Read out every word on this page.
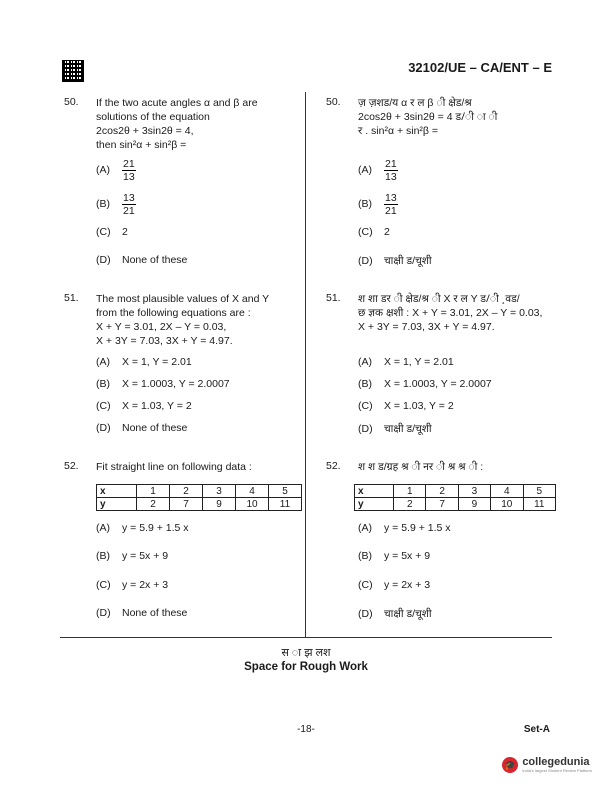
32102/UE – CA/ENT – E
50. If the two acute angles α and β are
solutions of the equation
2cos2θ + 3sin2θ = 4,
then sin²α + sin²β =
$(A) \frac{21}{13}$
$(B) \frac{13}{21}$
(C) 2
(D) None of these
51. The most plausible values of X and Y
from the following equations are :
X + Y = 3.01, 2X – Y = 0.03,
X + 3Y = 7.03, 3X + Y = 4.97.
(A) X = 1, Y = 2.01
(B) X = 1.0003, Y = 2.0007
(C) X = 1.03, Y = 2
(D) None of these
52. Fit straight line on following data :
x	1	2	3	4	5
y	2	7	9	10	11
(A) y = 5.9 + 1.5 x
(B) y = 5x + 9
(C) y = 2x + 3
(D) None of these
50. ज़ ज़शड/य α र ल β ी क्षेड/श्र
2cos2θ + 3sin2θ = 4 ड/ी ा ी
र . sin²α + sin²β =
$(A) \frac{21}{13}$
$(B) \frac{13}{21}$
(C) 2
(D) चाक्षी ड/चूशी
51. श शा डर ी क्षेड/श्र ी X र ल Y ड/ी ¸वड/
छ ज्ञक क्षशी : X + Y = 3.01, 2X – Y = 0.03,
X + 3Y = 7.03, 3X + Y = 4.97.
(A) X = 1, Y = 2.01
(B) X = 1.0003, Y = 2.0007
(C) X = 1.03, Y = 2
(D) चाक्षी ड/चूशी
52. श श ड/ग्रह श्र ी नर ी श्र श्र ी :
x	1	2	3	4	5
y	2	7	9	10	11
(A) y = 5.9 + 1.5 x
(B) y = 5x + 9
(C) y = 2x + 3
(D) चाक्षी ड/चूशी
स ा झ लश
Space for Rough Work
-18-	Set-A
🎓 collegedunia
India's largest Student Review Platform
